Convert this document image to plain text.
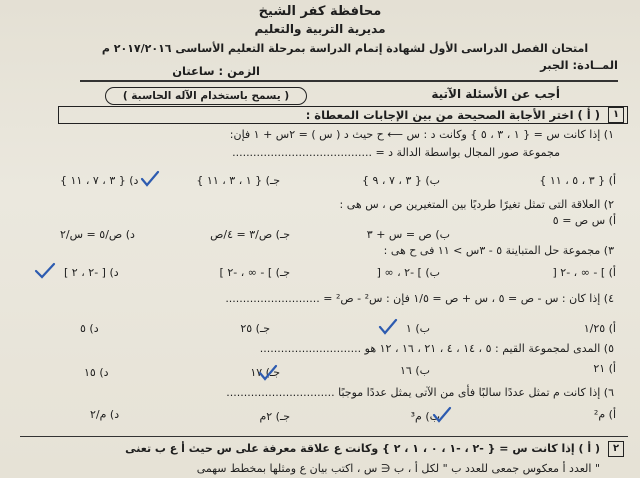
محافظة كفر الشيخ
مديرية التربية والتعليم
امتحان الفصل الدراسى الأول لشهادة إتمام الدراسة بمرحلة التعليم الأساسى ٢٠١٧/٢٠١٦ م
المــادة: الجبر
الزمن : ساعتان
أجب عن الأسئلة الآتية
( يسمح باستخدام الآله الحاسبة )
١
( أ ) اختر الأجابة الصحيحة من بين الإجابات المعطاة :
١) إذا كانت س = { ١ ، ٣ ، ٥ } وكانت د : س ⟵ ح حيث د ( س ) = ٢س + ١ فإن:
مجموعة صور المجال بواسطة الدالة د = ........................................
أ) { ٣ ، ٥ ، ١١ }
ب) { ٣ ، ٧ ، ٩ }
جـ) { ١ ، ٣ ، ١١ }
د) { ٣ ، ٧ ، ١١ }
٢) العلاقة التى تمثل تغيرًا طرديًا بين المتغيرين ص ، س هى :
أ) س ص = ٥
ب) ص = س + ٣
جـ) ص/٣ = ٤/ص
د) ص/٥ = س/٢
٣) مجموعة حل المتباينة ٥ - ٣س > ١١ فى ح هى :
أ) ] - ∞ ، -٢ [
ب) ] -٢ ، ∞ [
جـ) ] - ∞ ، -٢ ]
د) [ -٢ ، ٢ ]
٤) إذا كان : س - ص = ٥ ، س + ص = ١/٥ فإن : س² - ص² = ...........................
أ) ١/٢٥
ب) ١
جـ) ٢٥
د) ٥
٥) المدى لمجموعة القيم : ٥ ، ١٤ ، ٤ ، ٢١ ، ١٦ ، ١٢ هو .............................
أ) ٢١
ب) ١٦
جـ) ١٧
د) ١٥
٦) إذا كانت م تمثل عددًا سالبًا فأى من الآتى يمثل عددًا موجبًا ...............................
أ) م²
ب) م³
جـ) ٢م
د) م/٢
٢
( أ ) إذا كانت س = { -٢ ، -١ ، ٠ ، ١ ، ٢ } وكانت ع علاقة معرفة على س حيث أ ع ب تعنى
" العدد أ معكوس جمعى للعدد ب " لكل أ ، ب ∈ س ، اكتب بيان ع ومثلها بمخطط سهمى
